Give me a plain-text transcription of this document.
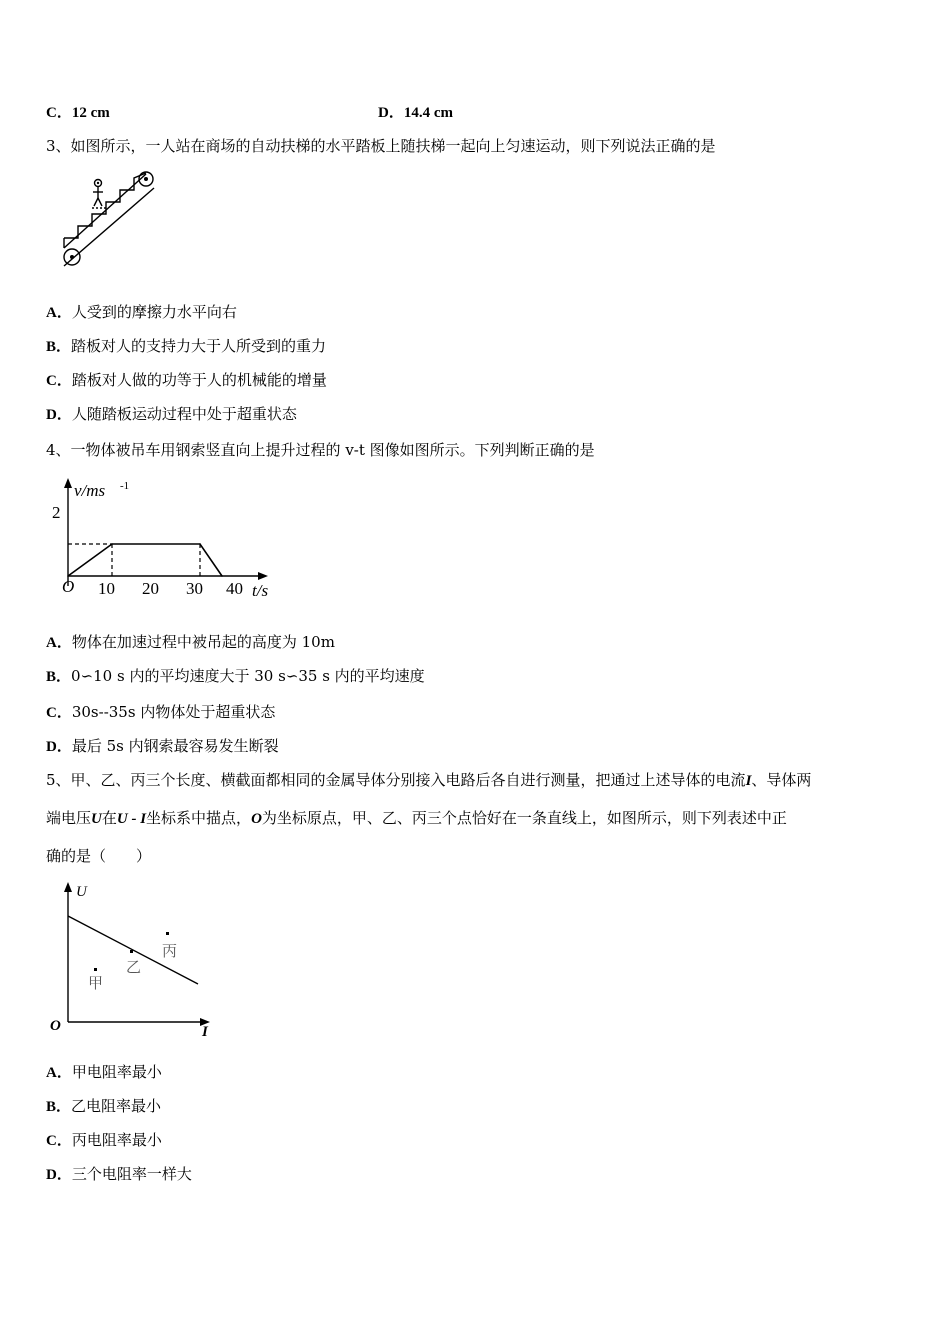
C．12 cm	D．14.4 cm
3、如图所示，一人站在商场的自动扶梯的水平踏板上随扶梯一起向上匀速运动，则下列说法正确的是
A．人受到的摩擦力水平向右
B．踏板对人的支持力大于人所受到的重力
C．踏板对人做的功等于人的机械能的增量
D．人随踏板运动过程中处于超重状态
4、一物体被吊车用钢索竖直向上提升过程的 v-t 图像如图所示。下列判断正确的是
v/ms -1
t/s
O
2
10 20 30 40
A．物体在加速过程中被吊起的高度为 10m
B．0∽10 s 内的平均速度大于 30 s∽35 s 内的平均速度
C．30s--35s 内物体处于超重状态
D．最后 5s 内钢索最容易发生断裂
5、甲、乙、丙三个长度、横截面都相同的金属导体分别接入电路后各自进行测量，把通过上述导体的电流I、导体两
端电压U在U - I坐标系中描点，O为坐标原点，甲、乙、丙三个点恰好在一条直线上，如图所示，则下列表述中正
确的是（　　）
U
I
O
甲
乙
丙
A．甲电阻率最小
B．乙电阻率最小
C．丙电阻率最小
D．三个电阻率一样大
